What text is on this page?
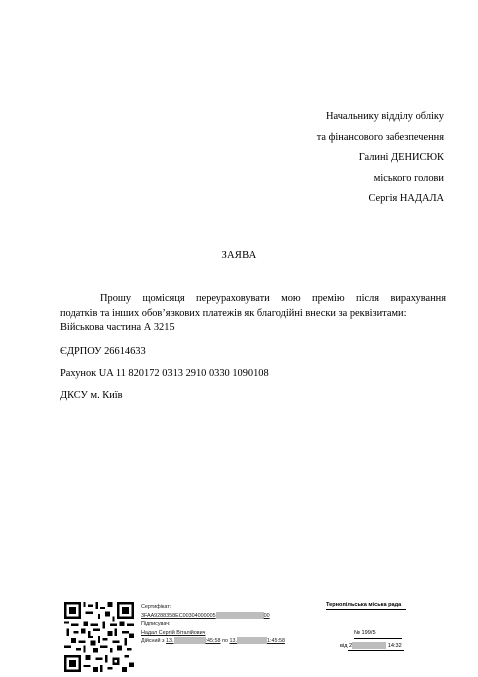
Начальнику відділу обліку
та фінансового забезпечення
Галині ДЕНИСЮК
міського голови
Сергія НАДАЛА
ЗАЯВА
Прошу щомісяця переураховувати мою премію після вирахування
податків та інших обов’язкових платежів як благодійні внески за реквізитами:
Військова частина А 3215
ЄДРПОУ 26614633
Рахунок UA 11 820172 0313 2910 0330 1090108
ДКСУ м. Київ
Сертифікат:
3FAA9288358EC00304000005	00
Підписувач:
Надал Сергій Віталійович
Дійсний з 13.	:45:58 по 13.	1:45:58
Тернопільська міська рада
№ 199/5
від 2	14:32
